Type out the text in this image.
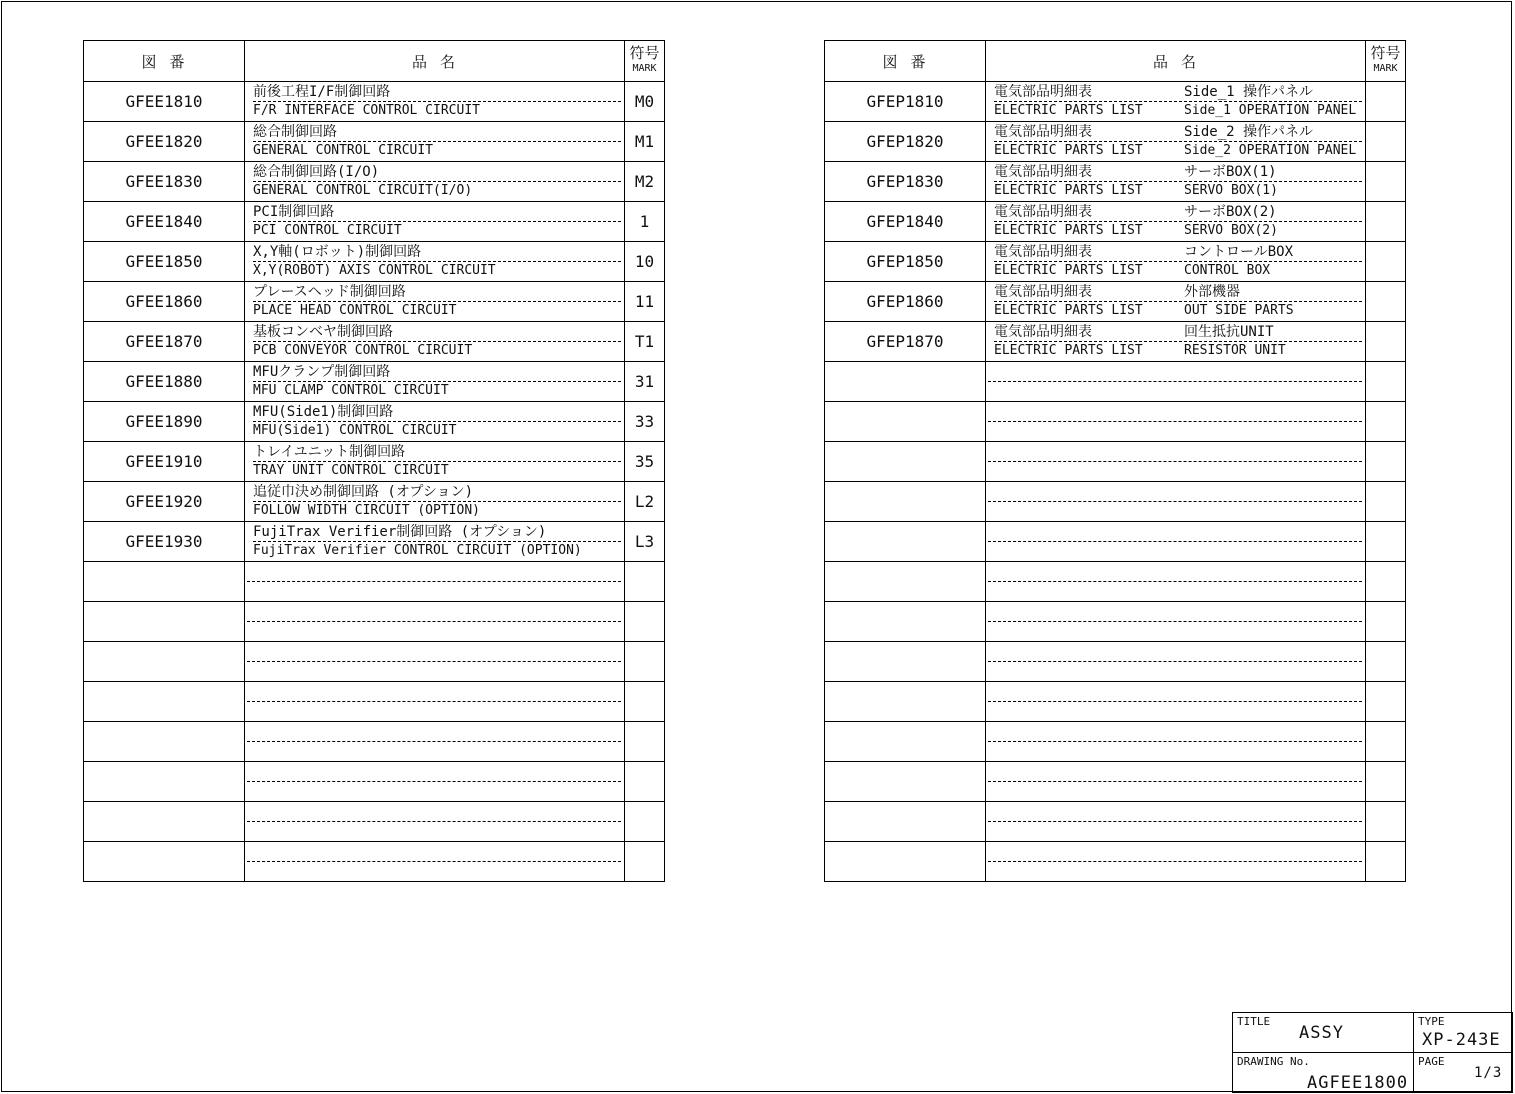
図 番	品 名	符号
MARK

GFEE1810	前後工程I/F制御回路
F/R INTERFACE CONTROL CIRCUIT	M0
GFEE1820	総合制御回路
GENERAL CONTROL CIRCUIT	M1
GFEE1830	総合制御回路(I/O)
GENERAL CONTROL CIRCUIT(I/O)	M2
GFEE1840	PCI制御回路
PCI CONTROL CIRCUIT	1
GFEE1850	X,Y軸(ロボット)制御回路
X,Y(ROBOT) AXIS CONTROL CIRCUIT	10
GFEE1860	プレースヘッド制御回路
PLACE HEAD CONTROL CIRCUIT	11
GFEE1870	基板コンベヤ制御回路
PCB CONVEYOR CONTROL CIRCUIT	T1
GFEE1880	MFUクランプ制御回路
MFU CLAMP CONTROL CIRCUIT	31
GFEE1890	MFU(Side1)制御回路
MFU(Side1) CONTROL CIRCUIT	33
GFEE1910	トレイユニット制御回路
TRAY UNIT CONTROL CIRCUIT	35
GFEE1920	追従巾決め制御回路 (オプション)
FOLLOW WIDTH CIRCUIT (OPTION)	L2
GFEE1930	FujiTrax Verifier制御回路 (オプション)
FujiTrax Verifier CONTROL CIRCUIT (OPTION)	L3

図 番	品 名	符号
MARK

GFEP1810	電気部品明細表 Side_1 操作パネル
ELECTRIC PARTS LIST Side_1 OPERATION PANEL	

GFEP1820	電気部品明細表 Side_2 操作パネル
ELECTRIC PARTS LIST Side_2 OPERATION PANEL	

GFEP1830	電気部品明細表 サーボBOX(1)
ELECTRIC PARTS LIST SERVO BOX(1)	

GFEP1840	電気部品明細表 サーボBOX(2)
ELECTRIC PARTS LIST SERVO BOX(2)	

GFEP1850	電気部品明細表 コントロールBOX
ELECTRIC PARTS LIST CONTROL BOX	

GFEP1860	電気部品明細表 外部機器
ELECTRIC PARTS LIST OUT SIDE PARTS	

GFEP1870	電気部品明細表 回生抵抗UNIT
ELECTRIC PARTS LIST RESISTOR UNIT	

TITLE
ASSY	TYPE
XP-243E

DRAWING No.
AGFEE1800	PAGE
1/3
